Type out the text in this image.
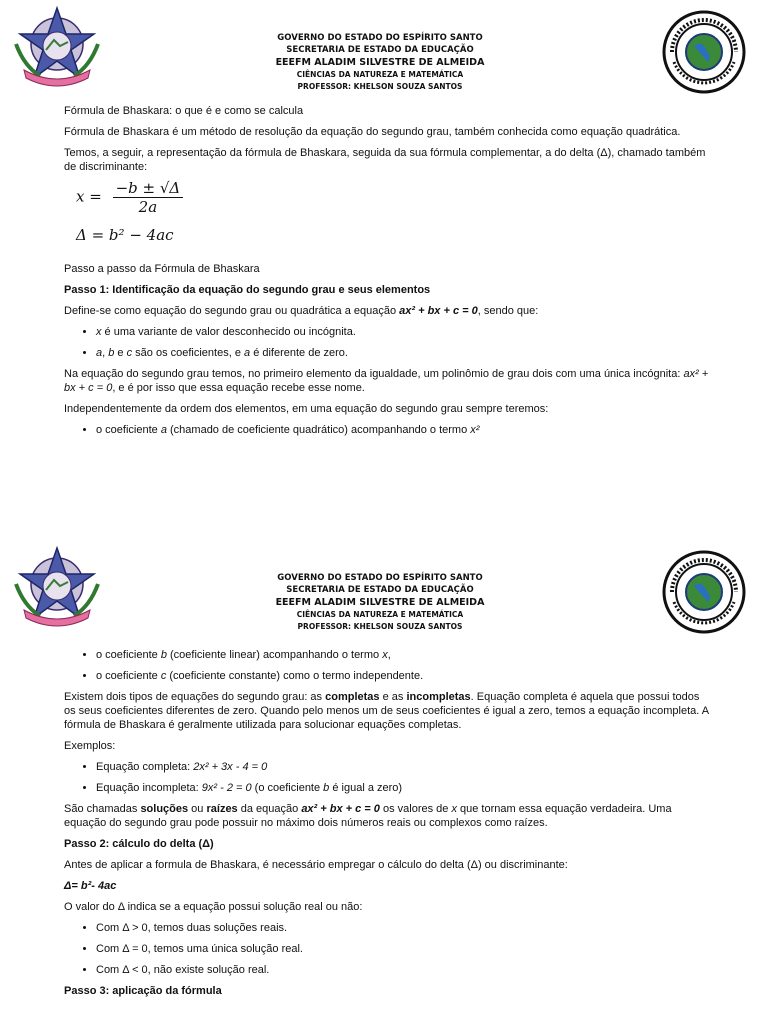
GOVERNO DO ESTADO DO ESPÍRITO SANTO
SECRETARIA DE ESTADO DA EDUCAÇÃO
EEEFM ALADIM SILVESTRE DE ALMEIDA
CIÊNCIAS DA NATUREZA E MATEMÁTICA
PROFESSOR: KHELSON SOUZA SANTOS

Fórmula de Bhaskara: o que é e como se calcula

Fórmula de Bhaskara é um método de resolução da equação do segundo grau, também conhecida como equação quadrática.

Temos, a seguir, a representação da fórmula de Bhaskara, seguida da sua fórmula complementar, a do delta (Δ), chamado também de discriminante:

$x = \frac{-b \pm √\Delta}{2a}$
Δ = b² − 4ac

Passo a passo da Fórmula de Bhaskara

Passo 1: Identificação da equação do segundo grau e seus elementos

Define-se como equação do segundo grau ou quadrática a equação ax² + bx + c = 0, sendo que:

• x é uma variante de valor desconhecido ou incógnita.
• a, b e c são os coeficientes, e a é diferente de zero.

Na equação do segundo grau temos, no primeiro elemento da igualdade, um polinômio de grau dois com uma única incógnita: ax² + bx + c = 0, e é por isso que essa equação recebe esse nome.

Independentemente da ordem dos elementos, em uma equação do segundo grau sempre teremos:

• o coeficiente a (chamado de coeficiente quadrático) acompanhando o termo x²
GOVERNO DO ESTADO DO ESPÍRITO SANTO
SECRETARIA DE ESTADO DA EDUCAÇÃO
EEEFM ALADIM SILVESTRE DE ALMEIDA
CIÊNCIAS DA NATUREZA E MATEMÁTICA
PROFESSOR: KHELSON SOUZA SANTOS
• o coeficiente b (coeficiente linear) acompanhando o termo x,
• o coeficiente c (coeficiente constante) como o termo independente.

Existem dois tipos de equações do segundo grau: as completas e as incompletas. Equação completa é aquela que possui todos os seus coeficientes diferentes de zero. Quando pelo menos um de seus coeficientes é igual a zero, temos a equação incompleta. A fórmula de Bhaskara é geralmente utilizada para solucionar equações completas.

Exemplos:

• Equação completa: 2x² + 3x - 4 = 0
• Equação incompleta: 9x² - 2 = 0 (o coeficiente b é igual a zero)

São chamadas soluções ou raízes da equação ax² + bx + c = 0 os valores de x que tornam essa equação verdadeira. Uma equação do segundo grau pode possuir no máximo dois números reais ou complexos como raízes.

Passo 2: cálculo do delta (Δ)

Antes de aplicar a formula de Bhaskara, é necessário empregar o cálculo do delta (Δ) ou discriminante:

Δ= b²- 4ac

O valor do Δ indica se a equação possui solução real ou não:

• Com Δ > 0, temos duas soluções reais.
• Com Δ = 0, temos uma única solução real.
• Com Δ < 0, não existe solução real.

Passo 3: aplicação da fórmula
